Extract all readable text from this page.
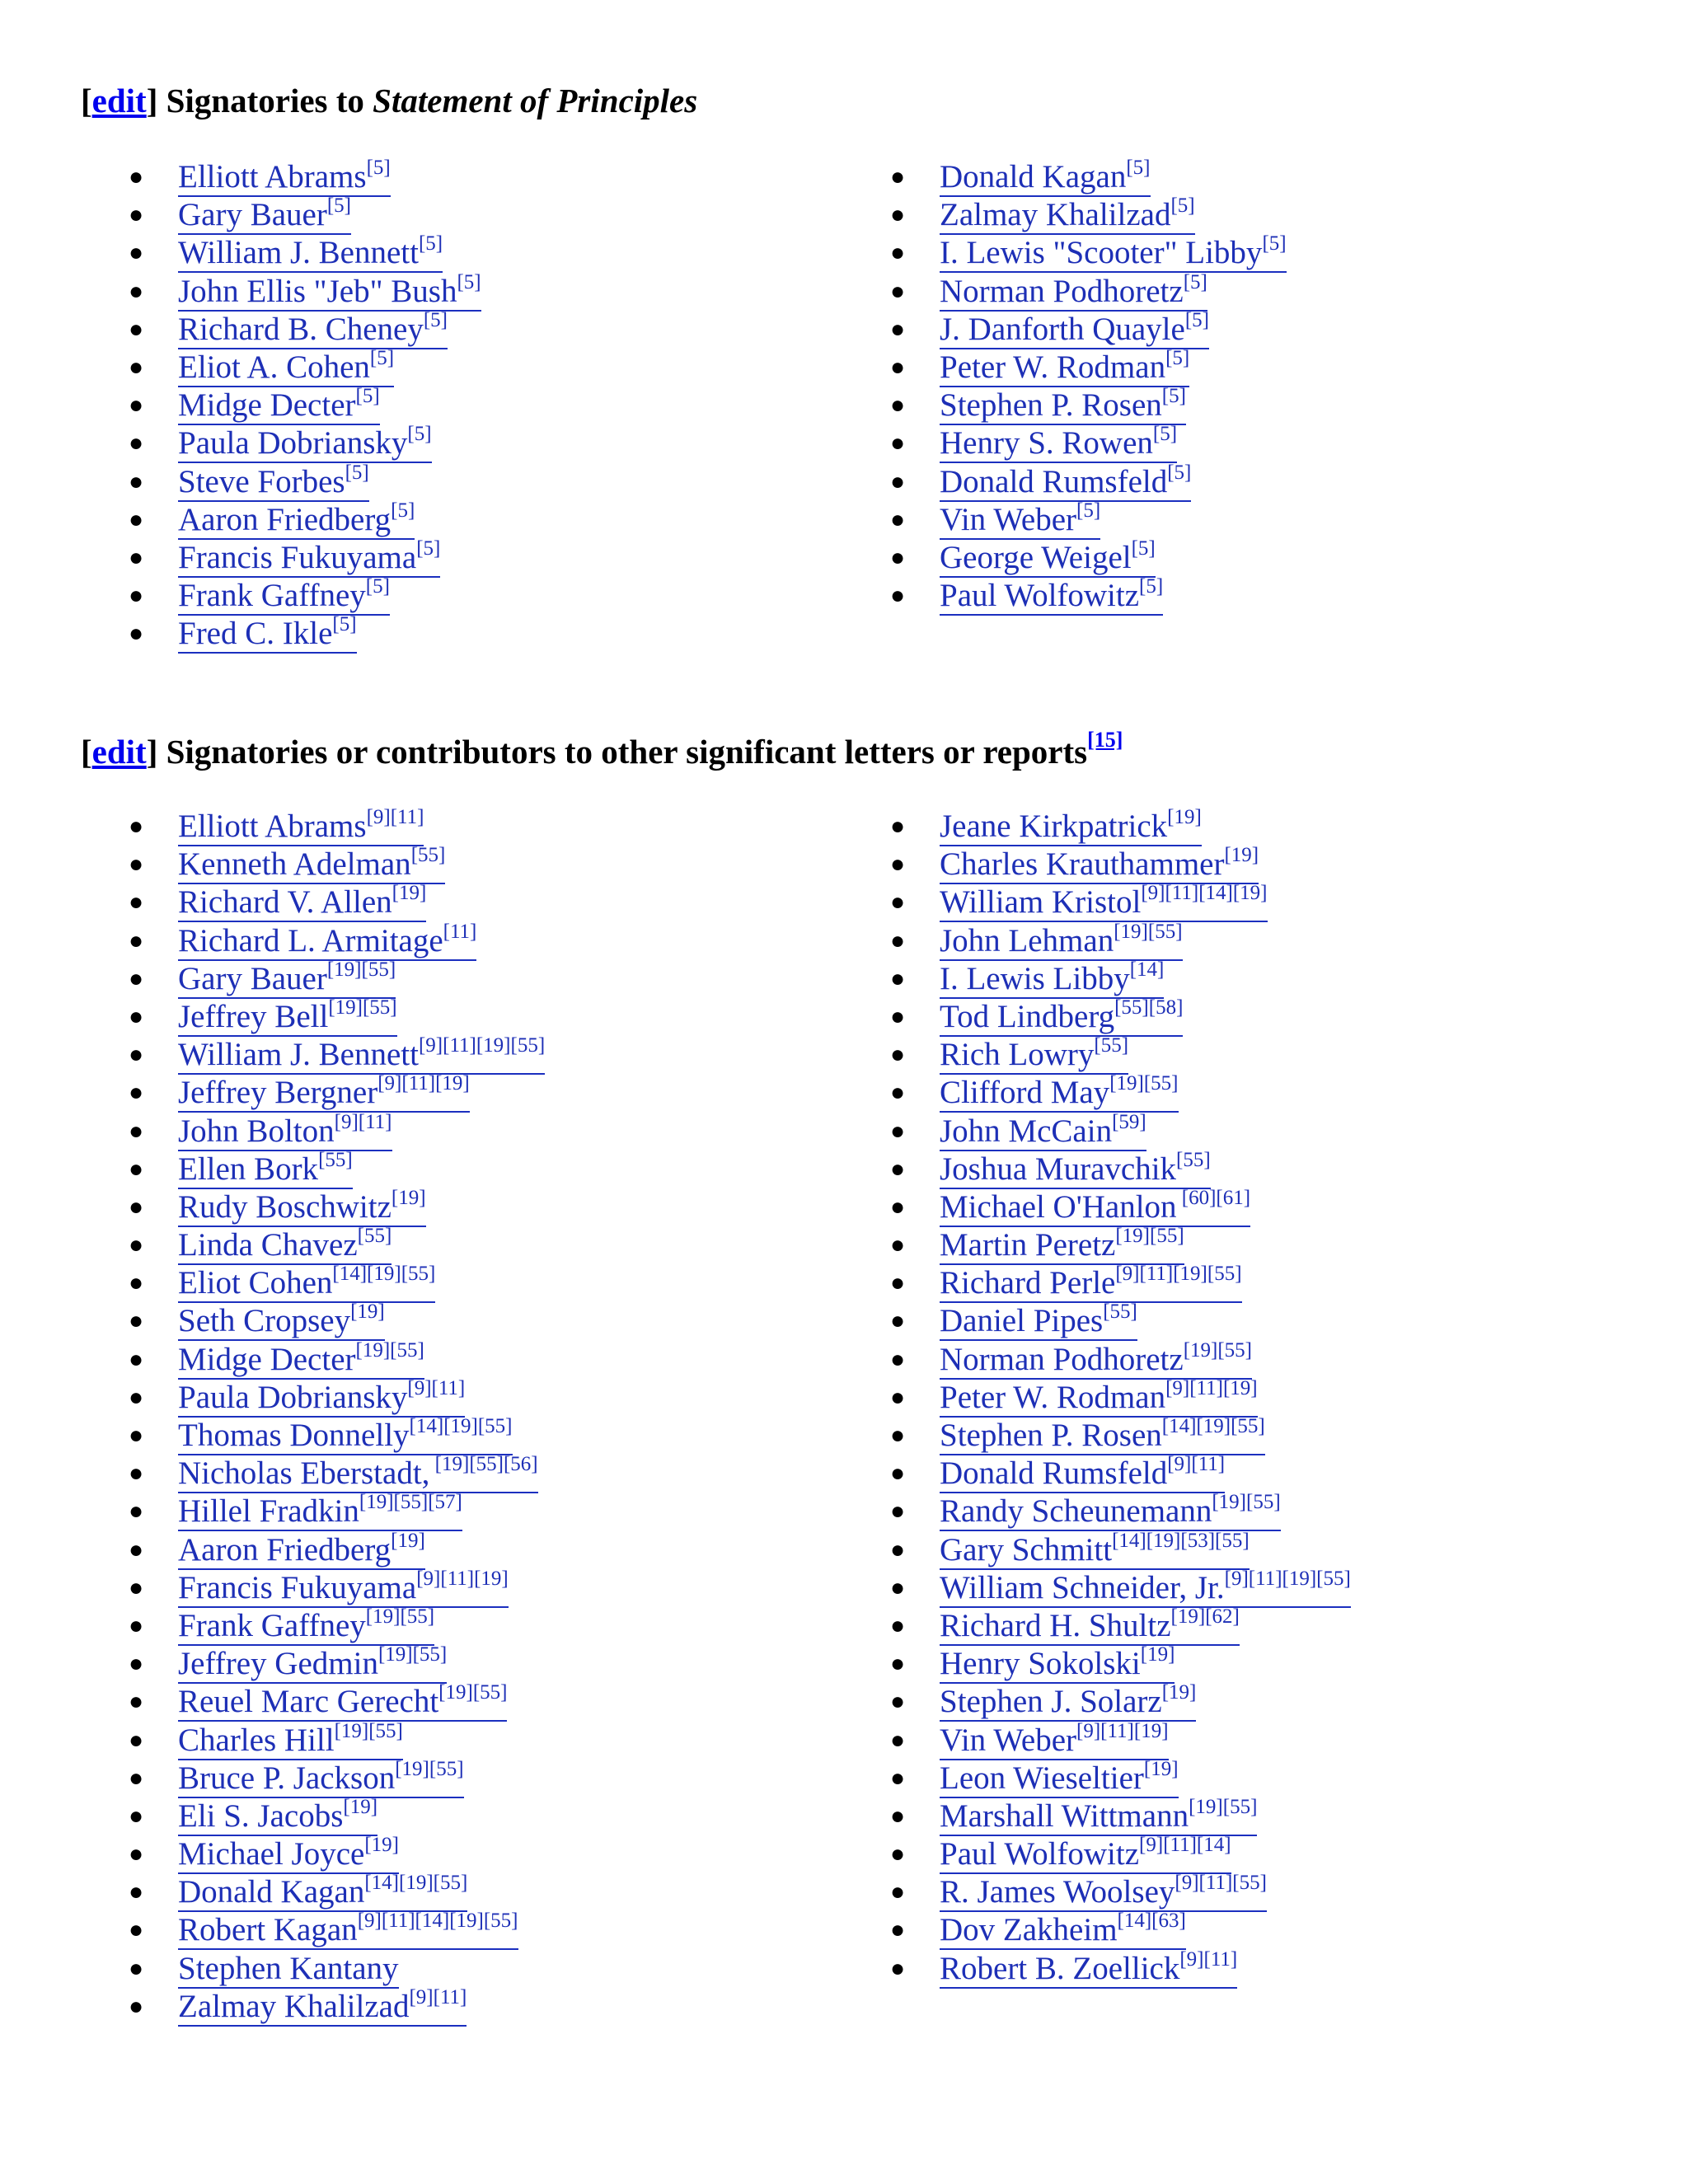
[edit] Signatories to Statement of Principles
● Elliott Abrams[5]
● Gary Bauer[5]
● William J. Bennett[5]
● John Ellis "Jeb" Bush[5]
● Richard B. Cheney[5]
● Eliot A. Cohen[5]
● Midge Decter[5]
● Paula Dobriansky[5]
● Steve Forbes[5]
● Aaron Friedberg[5]
● Francis Fukuyama[5]
● Frank Gaffney[5]
● Fred C. Ikle[5]
● Donald Kagan[5]
● Zalmay Khalilzad[5]
● I. Lewis "Scooter" Libby[5]
● Norman Podhoretz[5]
● J. Danforth Quayle[5]
● Peter W. Rodman[5]
● Stephen P. Rosen[5]
● Henry S. Rowen[5]
● Donald Rumsfeld[5]
● Vin Weber[5]
● George Weigel[5]
● Paul Wolfowitz[5]
[edit] Signatories or contributors to other significant letters or reports[15]
● Elliott Abrams[9][11]
● Kenneth Adelman[55]
● Richard V. Allen[19]
● Richard L. Armitage[11]
● Gary Bauer[19][55]
● Jeffrey Bell[19][55]
● William J. Bennett[9][11][19][55]
● Jeffrey Bergner[9][11][19]
● John Bolton[9][11]
● Ellen Bork[55]
● Rudy Boschwitz[19]
● Linda Chavez[55]
● Eliot Cohen[14][19][55]
● Seth Cropsey[19]
● Midge Decter[19][55]
● Paula Dobriansky[9][11]
● Thomas Donnelly[14][19][55]
● Nicholas Eberstadt, [19][55][56]
● Hillel Fradkin[19][55][57]
● Aaron Friedberg[19]
● Francis Fukuyama[9][11][19]
● Frank Gaffney[19][55]
● Jeffrey Gedmin[19][55]
● Reuel Marc Gerecht[19][55]
● Charles Hill[19][55]
● Bruce P. Jackson[19][55]
● Eli S. Jacobs[19]
● Michael Joyce[19]
● Donald Kagan[14][19][55]
● Robert Kagan[9][11][14][19][55]
● Stephen Kantany
● Zalmay Khalilzad[9][11]
● Jeane Kirkpatrick[19]
● Charles Krauthammer[19]
● William Kristol[9][11][14][19]
● John Lehman[19][55]
● I. Lewis Libby[14]
● Tod Lindberg[55][58]
● Rich Lowry[55]
● Clifford May[19][55]
● John McCain[59]
● Joshua Muravchik[55]
● Michael O'Hanlon [60][61]
● Martin Peretz[19][55]
● Richard Perle[9][11][19][55]
● Daniel Pipes[55]
● Norman Podhoretz[19][55]
● Peter W. Rodman[9][11][19]
● Stephen P. Rosen[14][19][55]
● Donald Rumsfeld[9][11]
● Randy Scheunemann[19][55]
● Gary Schmitt[14][19][53][55]
● William Schneider, Jr.[9][11][19][55]
● Richard H. Shultz[19][62]
● Henry Sokolski[19]
● Stephen J. Solarz[19]
● Vin Weber[9][11][19]
● Leon Wieseltier[19]
● Marshall Wittmann[19][55]
● Paul Wolfowitz[9][11][14]
● R. James Woolsey[9][11][55]
● Dov Zakheim[14][63]
● Robert B. Zoellick[9][11]
